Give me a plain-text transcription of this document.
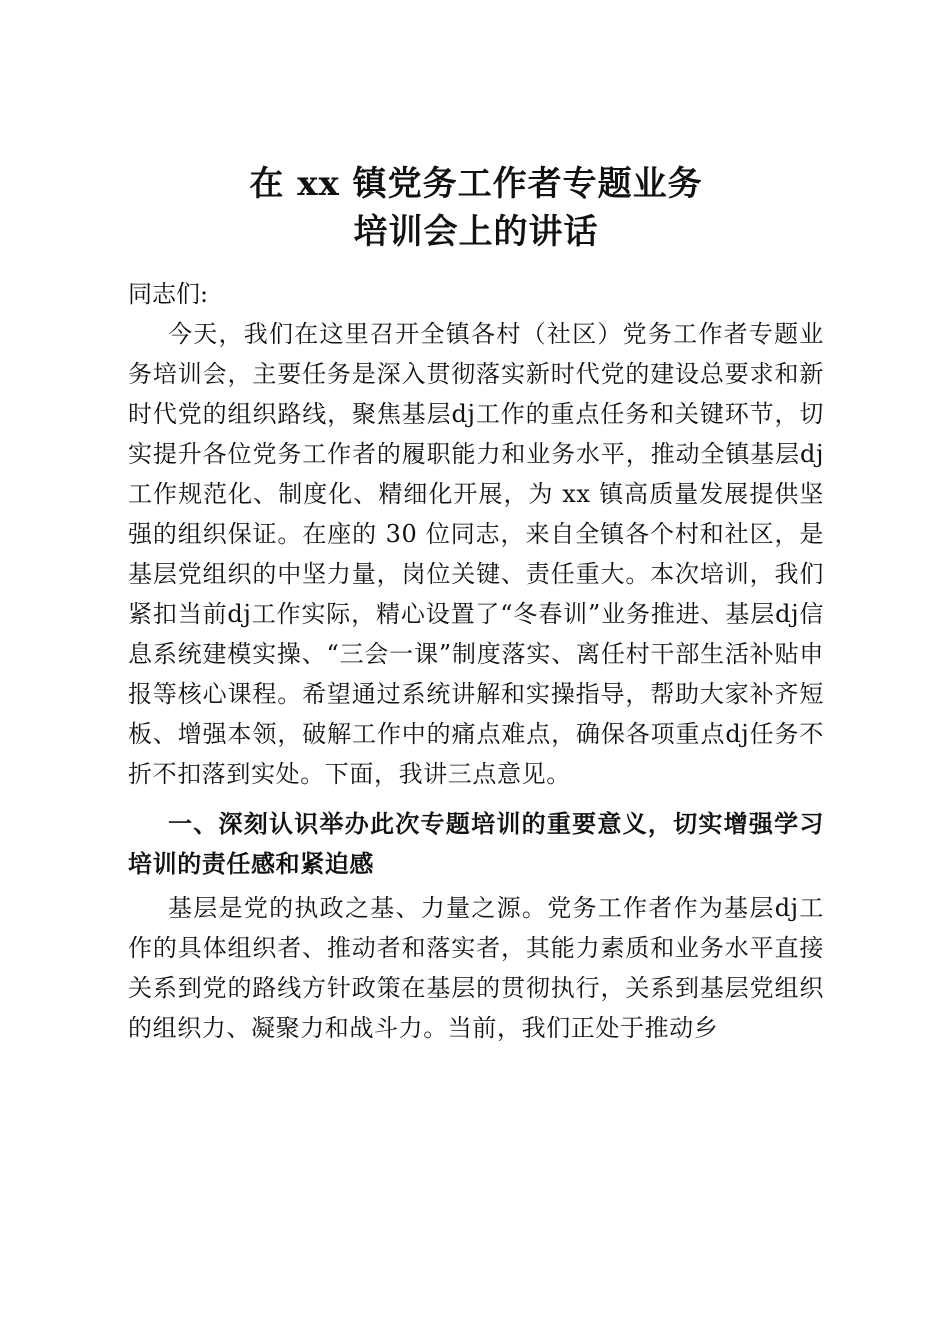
在 xx 镇党务工作者专题业务
培训会上的讲话

同志们:

今天，我们在这里召开全镇各村（社区）党务工作者专题业务培训会，主要任务是深入贯彻落实新时代党的建设总要求和新时代党的组织路线，聚焦基层dj工作的重点任务和关键环节，切实提升各位党务工作者的履职能力和业务水平，推动全镇基层dj工作规范化、制度化、精细化开展，为 xx 镇高质量发展提供坚强的组织保证。在座的 30 位同志，来自全镇各个村和社区，是基层党组织的中坚力量，岗位关键、责任重大。本次培训，我们紧扣当前dj工作实际，精心设置了“冬春训”业务推进、基层dj信息系统建模实操、“三会一课”制度落实、离任村干部生活补贴申报等核心课程。希望通过系统讲解和实操指导，帮助大家补齐短板、增强本领，破解工作中的痛点难点，确保各项重点dj任务不折不扣落到实处。下面，我讲三点意见。

一、深刻认识举办此次专题培训的重要意义，切实增强学习培训的责任感和紧迫感

基层是党的执政之基、力量之源。党务工作者作为基层dj工作的具体组织者、推动者和落实者，其能力素质和业务水平直接关系到党的路线方针政策在基层的贯彻执行，关系到基层党组织的组织力、凝聚力和战斗力。当前，我们正处于推动乡
